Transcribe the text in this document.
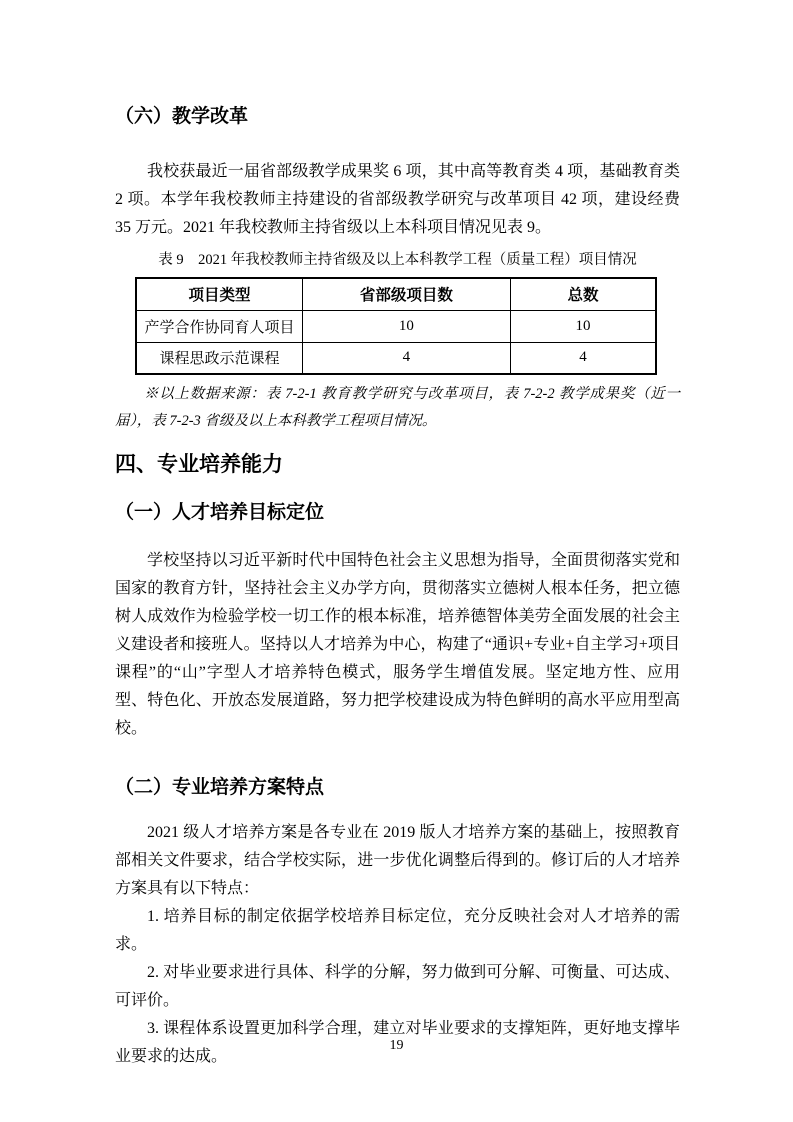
（六）教学改革

我校获最近一届省部级教学成果奖 6 项，其中高等教育类 4 项，基础教育类 2 项。本学年我校教师主持建设的省部级教学研究与改革项目 42 项，建设经费 35 万元。2021 年我校教师主持省级以上本科项目情况见表 9。

表 9　2021 年我校教师主持省级及以上本科教学工程（质量工程）项目情况
项目类型	省部级项目数	总数
产学合作协同育人项目	10	10
课程思政示范课程	4	4

※以上数据来源：表 7-2-1 教育教学研究与改革项目，表 7-2-2 教学成果奖（近一届），表 7-2-3 省级及以上本科教学工程项目情况。

四、专业培养能力
（一）人才培养目标定位

学校坚持以习近平新时代中国特色社会主义思想为指导，全面贯彻落实党和国家的教育方针，坚持社会主义办学方向，贯彻落实立德树人根本任务，把立德树人成效作为检验学校一切工作的根本标准，培养德智体美劳全面发展的社会主义建设者和接班人。坚持以人才培养为中心，构建了“通识+专业+自主学习+项目课程”的“山”字型人才培养特色模式，服务学生增值发展。坚定地方性、应用型、特色化、开放态发展道路，努力把学校建设成为特色鲜明的高水平应用型高校。

（二）专业培养方案特点

2021 级人才培养方案是各专业在 2019 版人才培养方案的基础上，按照教育部相关文件要求，结合学校实际，进一步优化调整后得到的。修订后的人才培养方案具有以下特点：

1. 培养目标的制定依据学校培养目标定位，充分反映社会对人才培养的需求。

2. 对毕业要求进行具体、科学的分解，努力做到可分解、可衡量、可达成、可评价。

3. 课程体系设置更加科学合理，建立对毕业要求的支撑矩阵，更好地支撑毕业要求的达成。

19
